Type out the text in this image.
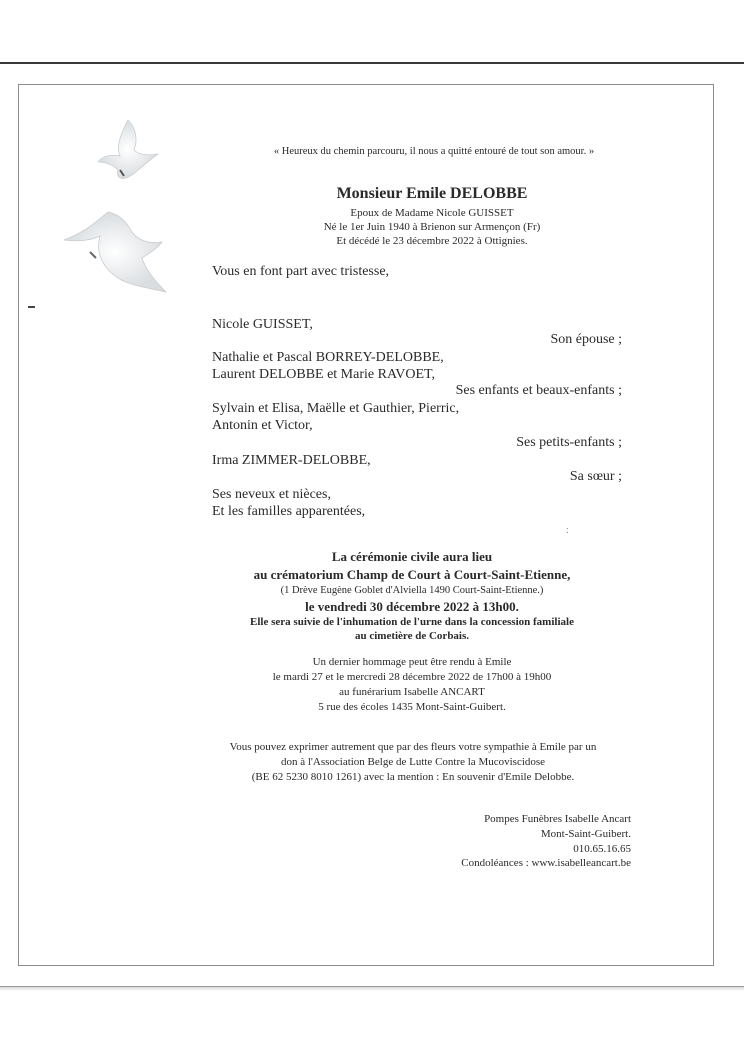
« Heureux du chemin parcouru, il nous a quitté entouré de tout son amour. »
Monsieur Emile DELOBBE
Epoux de Madame Nicole GUISSET
Né le 1er Juin 1940 à Brienon sur Armençon (Fr)
Et décédé le 23 décembre 2022 à Ottignies.
Vous en font part avec tristesse,
Nicole GUISSET,
Son épouse ;
Nathalie et Pascal BORREY-DELOBBE,
Laurent DELOBBE et Marie RAVOET,
Ses enfants et beaux-enfants ;
Sylvain et Elisa, Maëlle et Gauthier, Pierric,
Antonin et Victor,
Ses petits-enfants ;
Irma ZIMMER-DELOBBE,
Sa sœur ;
Ses neveux et nièces,
Et les familles apparentées,
:
La cérémonie civile aura lieu
au crématorium Champ de Court à Court-Saint-Etienne,
(1 Drève Eugène Goblet d'Alviella 1490 Court-Saint-Etienne.)
le vendredi 30 décembre 2022 à 13h00.
Elle sera suivie de l'inhumation de l'urne dans la concession familiale
au cimetière de Corbais.
Un dernier hommage peut être rendu à Emile
le mardi 27 et le mercredi 28 décembre 2022 de 17h00 à 19h00
au funérarium Isabelle ANCART
5 rue des écoles 1435 Mont-Saint-Guibert.
Vous pouvez exprimer autrement que par des fleurs votre sympathie à Emile par un
don à l'Association Belge de Lutte Contre la Mucoviscidose
(BE 62 5230 8010 1261) avec la mention : En souvenir d'Emile Delobbe.
Pompes Funèbres Isabelle Ancart
Mont-Saint-Guibert.
010.65.16.65
Condoléances : www.isabelleancart.be
